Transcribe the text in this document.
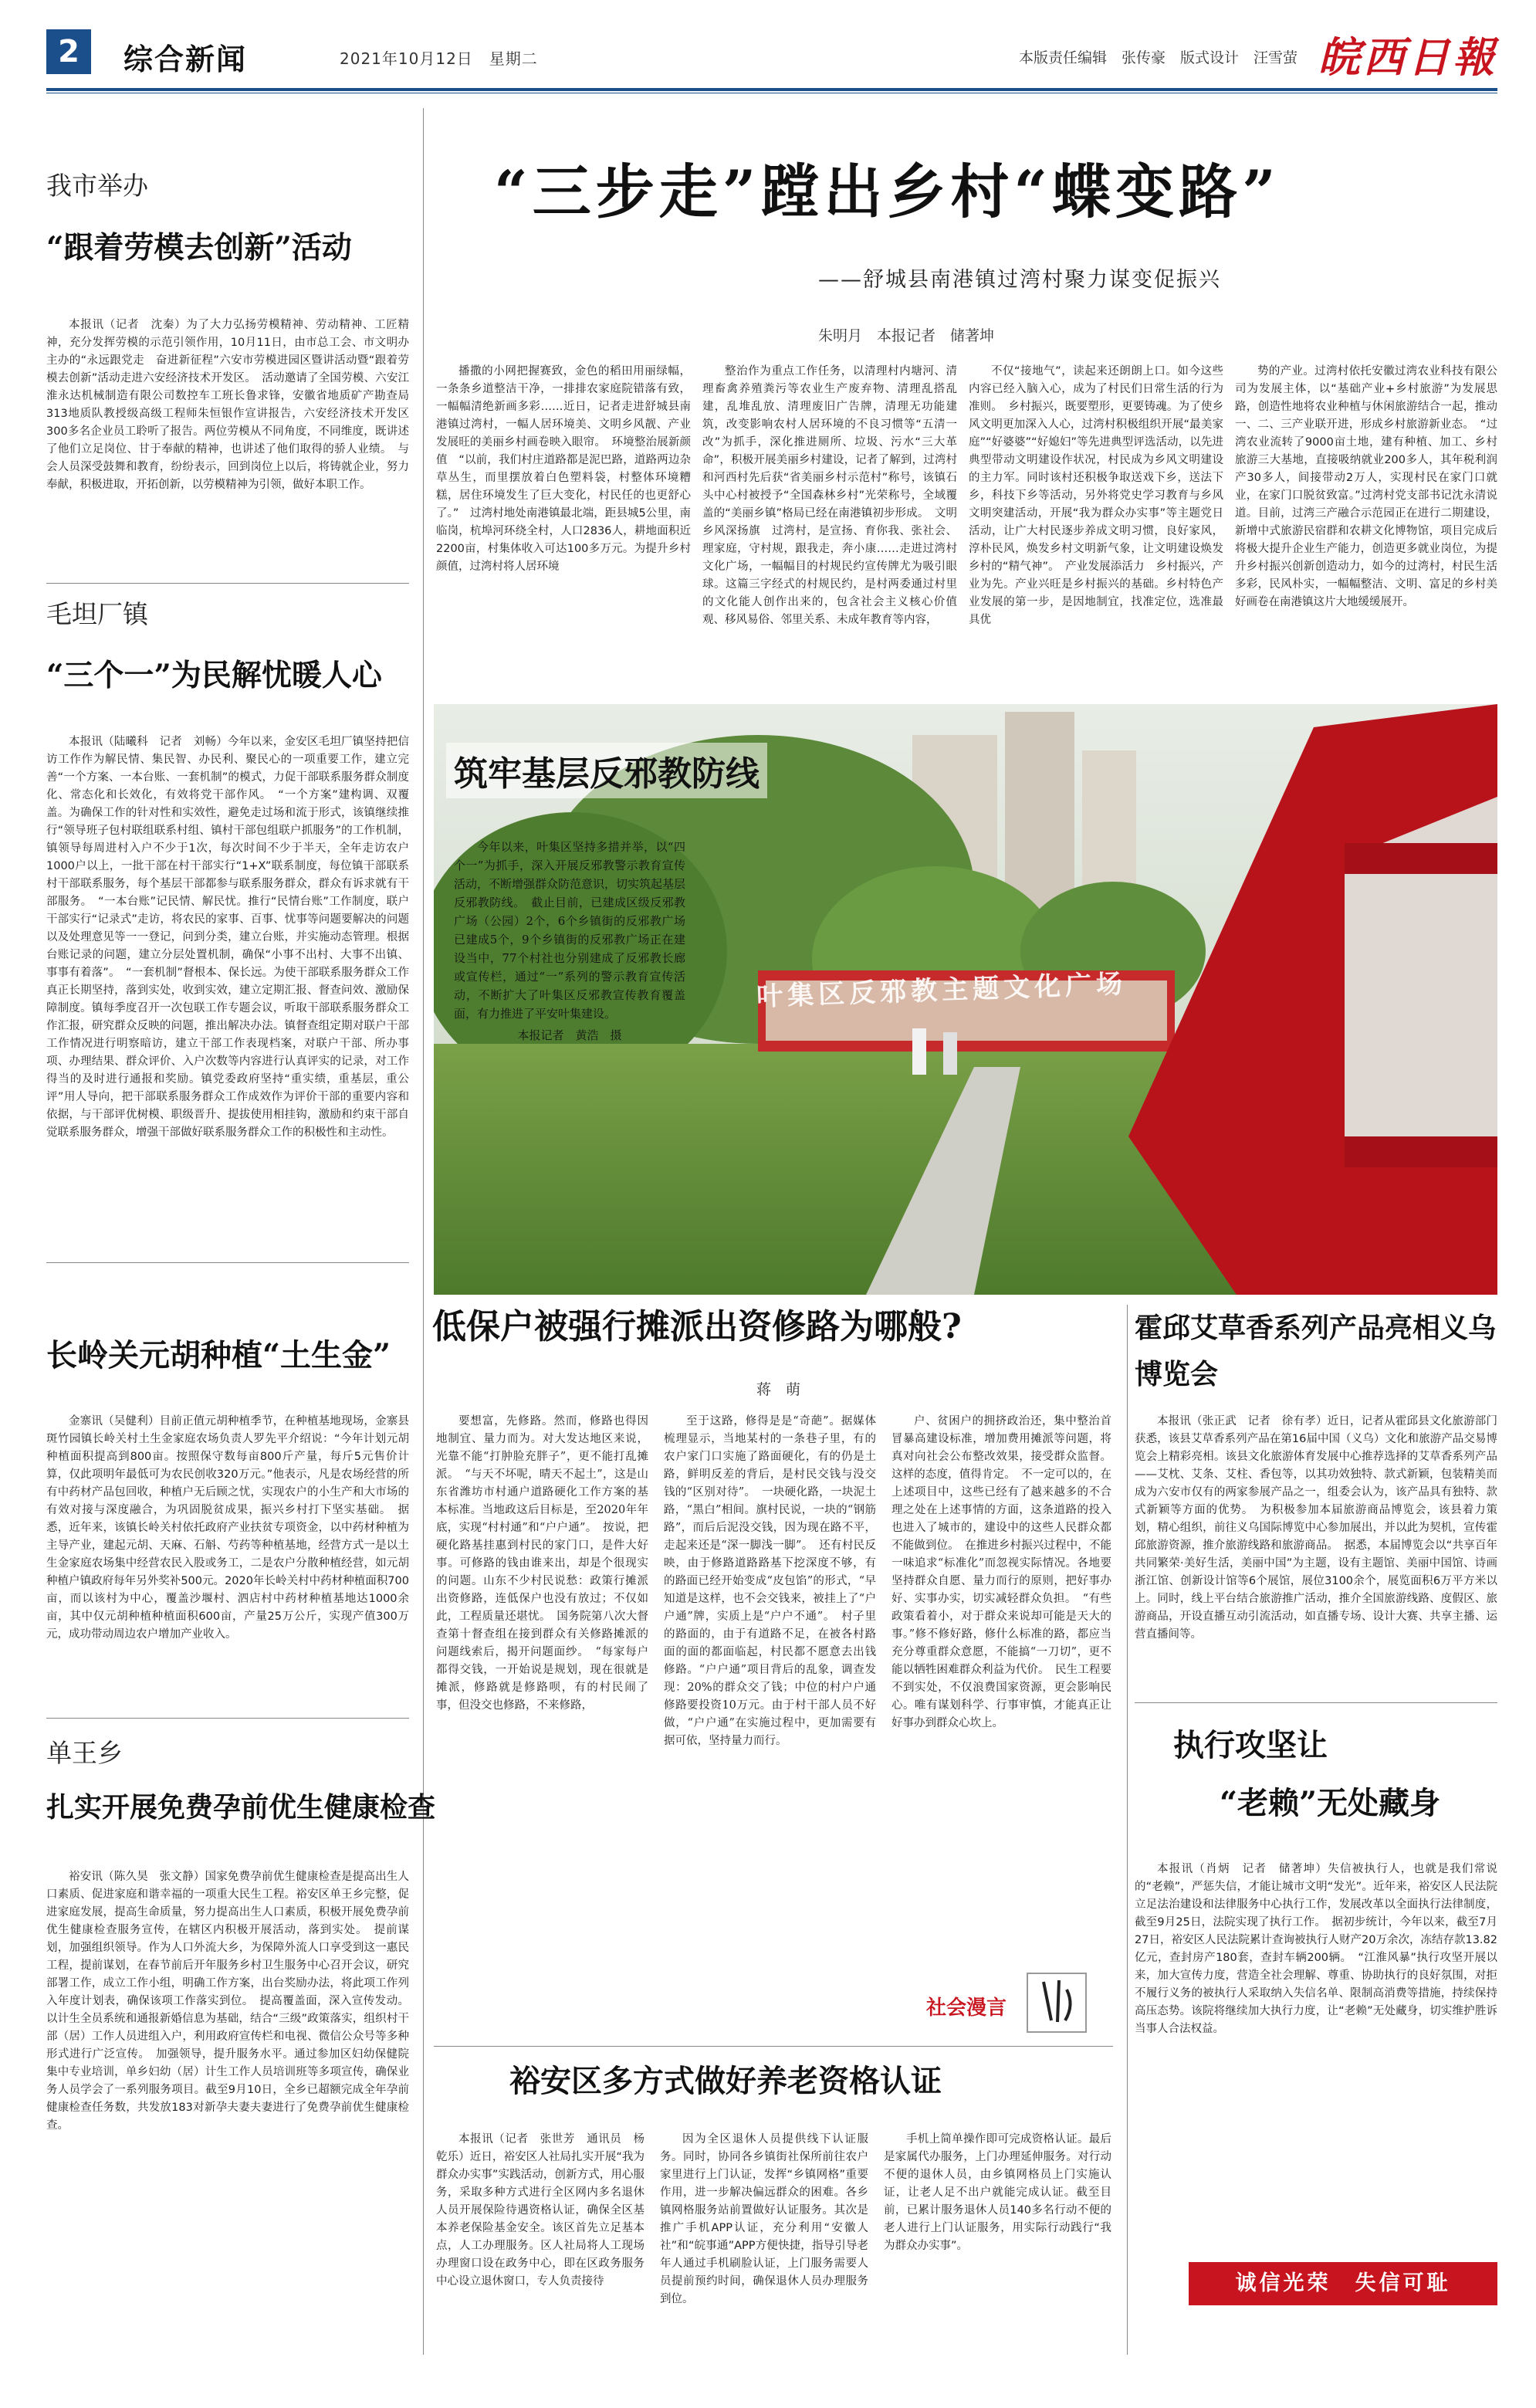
2	综合新闻	2021年10月12日　星期二	本版责任编辑　张传豪　版式设计　汪雪萤 皖西日報
我市举办
“跟着劳模去创新”活动

本报讯（记者　沈秦）为了大力弘扬劳模精神、劳动精神、工匠精神，充分发挥劳模的示范引领作用，10月11日，由市总工会、市文明办主办的“永远跟党走　奋进新征程”六安市劳模进园区暨讲活动暨“跟着劳模去创新”活动走进六安经济技术开发区。　活动邀请了全国劳模、六安江淮永达机械制造有限公司数控车工班长鲁求锋，安徽省地质矿产勘查局313地质队教授级高级工程师朱恒银作宣讲报告，六安经济技术开发区300多名企业员工聆听了报告。两位劳模从不同角度，不同维度，既讲述了他们立足岗位、甘于奉献的精神，也讲述了他们取得的骄人业绩。　与会人员深受鼓舞和教育，纷纷表示，回到岗位上以后，将铸就企业，努力奉献，积极进取，开拓创新，以劳模精神为引领，做好本职工作。

毛坦厂镇
“三个一”为民解忧暖人心

本报讯（陆曦科　记者　刘畅）今年以来，金安区毛坦厂镇坚持把信访工作作为解民情、集民智、办民利、聚民心的一项重要工作，建立完善“一个方案、一本台账、一套机制”的模式，力促干部联系服务群众制度化、常态化和长效化，有效将党干部作风。　“一个方案”建构调、双覆盖。为确保工作的针对性和实效性，避免走过场和流于形式，该镇继续推行“领导班子包村联组联系村组、镇村干部包组联户抓服务”的工作机制，镇领导每周进村入户不少于1次，每次时间不少于半天，全年走访农户1000户以上，一批干部在村干部实行“1+X”联系制度，每位镇干部联系村干部联系服务，每个基层干部都参与联系服务群众，群众有诉求就有干部服务。　“一本台账”记民情、解民忧。推行“民情台账”工作制度，联户干部实行“记录式”走访，将农民的家事、百事、忧事等问题要解决的问题以及处理意见等一一登记，问到分类，建立台账，并实施动态管理。根据台账记录的问题，建立分层处置机制，确保“小事不出村、大事不出镇、事事有着落”。　“一套机制”督根本、保长远。为使干部联系服务群众工作真正长期坚持，落到实处，收到实效，建立定期汇报、督查问效、激励保障制度。镇每季度召开一次包联工作专题会议，听取干部联系服务群众工作汇报，研究群众反映的问题，推出解决办法。镇督查组定期对联户干部工作情况进行明察暗访，建立干部工作表现档案，对联户干部、所办事项、办理结果、群众评价、入户次数等内容进行认真评实的记录，对工作得当的及时进行通报和奖励。镇党委政府坚持“重实绩，重基层，重公评”用人导向，把干部联系服务群众工作成效作为评价干部的重要内容和依据，与干部评优树模、职级晋升、提拔使用相挂钩，激励和约束干部自觉联系服务群众，增强干部做好联系服务群众工作的积极性和主动性。

长岭关元胡种植“土生金”

金寨讯（吴健利）目前正值元胡种植季节，在种植基地现场，金寨县斑竹园镇长岭关村土生金家庭农场负责人罗先平介绍说：“今年计划元胡种植面积提高到800亩。按照保守数每亩800斤产量，每斤5元售价计算，仅此项明年最低可为农民创收320万元。”他表示，凡是农场经营的所有中药材产品包回收，种植户无后顾之忧，实现农户的小生产和大市场的有效对接与深度融合，为巩固脱贫成果，振兴乡村打下坚实基础。　据悉，近年来，该镇长岭关村依托政府产业扶贫专项资金，以中药材种植为主导产业，建起元胡、天麻、石斛、芍药等种植基地，经营方式一是以土生金家庭农场集中经营农民入股或务工，二是农户分散种植经营，如元胡种植户镇政府每年另外奖补500元。2020年长岭关村中药材种植面积700亩，而以该村为中心，覆盖沙堰村、泗店村中药材种植基地达1000余亩，其中仅元胡种植种植面积600亩，产量25万公斤，实现产值300万元，成功带动周边农户增加产业收入。

单王乡
扎实开展免费孕前优生健康检查

裕安讯（陈久昊　张文静）国家免费孕前优生健康检查是提高出生人口素质、促进家庭和谐幸福的一项重大民生工程。裕安区单王乡完整，促进家庭发展，提高生命质量，努力提高出生人口素质，积极开展免费孕前优生健康检查服务宣传，在辖区内积极开展活动，落到实处。　提前谋划，加强组织领导。作为人口外流大乡，为保障外流人口享受到这一惠民工程，提前谋划，在春节前后开年服务乡村卫生服务中心召开会议，研究部署工作，成立工作小组，明确工作方案，出台奖励办法，将此项工作列入年度计划表，确保该项工作落实到位。　提高覆盖面，深入宣传发动。以计生全员系统和通报新婚信息为基础，结合“三级”政策落实，组织村干部（居）工作人员进组入户，利用政府宣传栏和电视、微信公众号等多种形式进行广泛宣传。　加强领导，提升服务水平。通过参加区妇幼保健院集中专业培训，单乡妇幼（居）计生工作人员培训班等多项宣传，确保业务人员学会了一系列服务项目。截至9月10日，全乡已超额完成全年孕前健康检查任务数，共发放183对新孕夫妻夫妻进行了免费孕前优生健康检查。

“三步走”蹚出乡村“蝶变路”
——舒城县南港镇过湾村聚力谋变促振兴
朱明月　本报记者　储著坤

播撒的小网把握赛致，金色的稻田用丽绿幅，一条条乡道整洁干净，一排排农家庭院错落有致，一幅幅清绝新画多彩……近日，记者走进舒城县南港镇过湾村，一幅人居环境美、文明乡风靓、产业发展旺的美丽乡村画卷映入眼帘。　环境整治展新颜值　“以前，我们村庄道路都是泥巴路，道路两边杂草丛生，而里摆放着白色塑料袋，村整体环境糟糕，居住环境发生了巨大变化，村民任的也更舒心了。”　过湾村地处南港镇最北端，距县城5公里，南临岗，杭埠河环绕全村，人口2836人，耕地面积近2200亩，村集体收入可达100多万元。为提升乡村颜值，过湾村将人居环境

整治作为重点工作任务，以清理村内塘河、清理畜禽养殖粪污等农业生产废弃物、清理乱搭乱建，乱堆乱放、清理废旧广告牌，清理无功能建筑，改变影响农村人居环境的不良习惯等“五清一改”为抓手，深化推进厕所、垃圾、污水“三大革命”，积极开展美丽乡村建设，记者了解到，过湾村和河西村先后获“省美丽乡村示范村”称号，该镇石头中心村被授予“全国森林乡村”光荣称号，全域覆盖的“美丽乡镇”格局已经在南港镇初步形成。　文明乡风深扬旗　过湾村，是宣扬、育你我、张社会、理家庭，守村规，跟我走，奔小康……走进过湾村文化广场，一幅幅目的村规民约宣传牌尤为吸引眼球。这篇三字经式的村规民约，是村两委通过村里的文化能人创作出来的，包含社会主义核心价值观、移风易俗、邻里关系、未成年教育等内容，

不仅“接地气”，读起来还朗朗上口。如今这些内容已经入脑入心，成为了村民们日常生活的行为准则。　乡村振兴，既要塑形，更要铸魂。为了使乡风文明更加深入人心，过湾村积极组织开展“最美家庭”“好婆婆”“好媳妇”等先进典型评选活动，以先进典型带动文明建设作状况，村民成为乡风文明建设的主力军。同时该村还积极争取送戏下乡，送法下乡，科技下乡等活动，另外将党史学习教育与乡风文明突建活动，开展“我为群众办实事”等主题党日活动，让广大村民逐步养成文明习惯，良好家风，淳朴民风，焕发乡村文明新气象，让文明建设焕发乡村的“精气神”。　产业发展添活力　乡村振兴，产业为先。产业兴旺是乡村振兴的基础。乡村特色产业发展的第一步，是因地制宜，找准定位，选准最具优

势的产业。过湾村依托安徽过湾农业科技有限公司为发展主体，以“基础产业+乡村旅游”为发展思路，创造性地将农业种植与休闲旅游结合一起，推动一、二、三产业联开进，形成乡村旅游新业态。　“过湾农业流转了9000亩土地，建有种植、加工、乡村旅游三大基地，直接吸纳就业200多人，其年税利润产30多人，间接带动2万人，实现村民在家门口就业，在家门口脱贫致富。”过湾村党支部书记沈永清说道。目前，过湾三产融合示范园正在进行二期建设，新增中式旅游民宿群和农耕文化博物馆，项目完成后将极大提升企业生产能力，创造更多就业岗位，为提升乡村振兴创新创造动力，如今的过湾村，村民生活多彩，民风朴实，一幅幅整洁、文明、富足的乡村美好画卷在南港镇这片大地缓缓展开。

筑牢基层反邪教防线

今年以来，叶集区坚持多措并举，以“四个一”为抓手，深入开展反邪教警示教育宣传活动，不断增强群众防范意识，切实筑起基层反邪教防线。　截止目前，已建成区级反邪教广场（公园）2个，6个乡镇街的反邪教广场已建成5个，9个乡镇街的反邪教广场正在建设当中，77个村社也分别建成了反邪教长廊或宣传栏，通过“一”系列的警示教育宣传活动，不断扩大了叶集区反邪教宣传教育覆盖面，有力推进了平安叶集建设。

本报记者　黄浩　摄
叶集区反邪教主题文化广场
低保户被强行摊派出资修路为哪般?
蒋　萌

要想富，先修路。然而，修路也得因地制宜、量力而为。对大发达地区来说，光靠不能“打肿脸充胖子”，更不能打乱摊派。　“与天不坏呢，晴天不起土”，这是山东省潍坊市村通户道路硬化工作方案的基本标准。当地政这后目标是，至2020年年底，实现“村村通”和“户户通”。　按说，把硬化路基挂惠到村民的家门口，是件大好事。可修路的钱由谁来出，却是个很现实的问题。山东不少村民说愁：政策行摊派出资修路，连低保户也没有放过；不仅如此，工程质量还堪忧。　国务院第八次大督查第十督查组在接到群众有关修路摊派的问题线索后，揭开问题面纱。　“每家每户都得交钱，一开始说是规划，现在很就是摊派，修路就是修路呗，有的村民闹了事，但没交也修路，不来修路，

至于这路，修得是是“奇葩”。据媒体梳理显示，当地某村的一条巷子里，有的农户家门口实施了路面硬化，有的仍是土路，鲜明反差的背后，是村民交钱与没交钱的“区别对待”。　一块硬化路，一块泥土路，“黑白”相间。旗村民说，一块的“钢筋路”，而后后泥没交钱，因为现在路不平，走起来还是“深一脚浅一脚”。　还有村民反映，由于修路道路路基下挖深度不够，有的路面已经开始变成“皮包馅”的形式，“早知道是这样，也不会交钱来，被挂上了“户户通”牌，实质上是“户户不通”。　村子里的路面的，由于有道路不足，在被各村路面的面的都面临起，村民都不愿意去出钱修路。“户户通”项目背后的乱象，调查发现：20%的群众交了钱；中位的村户户通修路要投资10万元。由于村干部人员不好做，“户户通”在实施过程中，更加需要有据可依，坚持量力而行。

户、贫困户的拥挤政治还，集中整治首冒暴高建设标准，增加费用摊派等问题，将真对向社会公布整改效果，接受群众监督。这样的态度，值得肯定。　不一定可以的，在上述项目中，这些已经有了越来越多的不合理之处在上述事情的方面，这条道路的投入也进入了城市的，建设中的这些人民群众都不能做到位。　在推进乡村振兴过程中，不能一味追求“标准化”而忽视实际情况。各地要坚持群众自愿、量力而行的原则，把好事办好、实事办实，切实减轻群众负担。　“有些政策看着小，对于群众来说却可能是天大的事。”修不修好路，修什么标准的路，都应当充分尊重群众意愿，不能搞“一刀切”，更不能以牺牲困难群众利益为代价。　民生工程要不到实处，不仅浪费国家资源，更会影响民心。唯有谋划科学、行事审慎，才能真正让好事办到群众心坎上。

社会漫言
裕安区多方式做好养老资格认证

本报讯（记者　张世芳　通讯员　杨乾乐）近日，裕安区人社局扎实开展“我为群众办实事”实践活动，创新方式，用心服务，采取多种方式进行全区网内多名退休人员开展保险待遇资格认证，确保全区基本养老保险基金安全。该区首先立足基本点，人工办理服务。区人社局将人工现场办理窗口设在政务中心，即在区政务服务中心设立退休窗口，专人负责接待

因为全区退休人员提供线下认证服务。同时，协同各乡镇街社保所前往农户家里进行上门认证，发挥“乡镇网格”重要作用，进一步解决偏远群众的困难。各乡镇网格服务站前置做好认证服务。其次是推广手机APP认证，充分利用“安徽人社”和“皖事通”APP方便快捷，指导引导老年人通过手机刷脸认证，上门服务需要人员提前预约时间，确保退休人员办理服务到位。

手机上简单操作即可完成资格认证。最后是家属代办服务，上门办理延伸服务。对行动不便的退休人员，由乡镇网格员上门实施认证，让老人足不出户就能完成认证。截至目前，已累计服务退休人员140多名行动不便的老人进行上门认证服务，用实际行动践行“我为群众办实事”。

霍邱艾草香系列产品亮相义乌博览会

本报讯（张正武　记者　徐有孝）近日，记者从霍邱县文化旅游部门获悉，该县艾草香系列产品在第16届中国（义乌）文化和旅游产品交易博览会上精彩亮相。该县文化旅游体育发展中心推荐选择的艾草香系列产品——艾枕、艾条、艾柱、香包等，以其功效独特、款式新颖，包装精美而成为六安市仅有的两家参展产品之一，组委会认为，该产品具有独特、款式新颖等方面的优势。　为积极参加本届旅游商品博览会，该县着力策划，精心组织，前往义乌国际博览中心参加展出，并以此为契机，宣传霍邱旅游资源，推介旅游线路和旅游商品。　据悉，本届博览会以“共享百年 共同繁荣·美好生活，美丽中国”为主题，设有主题馆、美丽中国馆、诗画浙江馆、创新设计馆等6个展馆，展位3100余个，展览面积6万平方米以上。同时，线上平台结合旅游推广活动，推介全国旅游线路、度假区、旅游商品，开设直播互动引流活动，如直播专场、设计大赛、共享主播、运营直播间等。

执行攻坚让
“老赖”无处藏身

本报讯（肖炳　记者　储著坤）失信被执行人，也就是我们常说的“老赖”，严惩失信，才能让城市文明“发光”。近年来，裕安区人民法院立足法治建设和法律服务中心执行工作，发展改革以全面执行法律制度，截至9月25日，法院实现了执行工作。　据初步统计，今年以来，截至7月27日，裕安区人民法院累计查询被执行人财产20万余次，冻结存款13.82亿元，查封房产180套，查封车辆200辆。　“江淮风暴”执行攻坚开展以来，加大宣传力度，营造全社会理解、尊重、协助执行的良好氛围，对拒不履行义务的被执行人采取纳入失信名单、限制高消费等措施，持续保持高压态势。该院将继续加大执行力度，让“老赖”无处藏身，切实维护胜诉当事人合法权益。

诚信光荣　失信可耻
